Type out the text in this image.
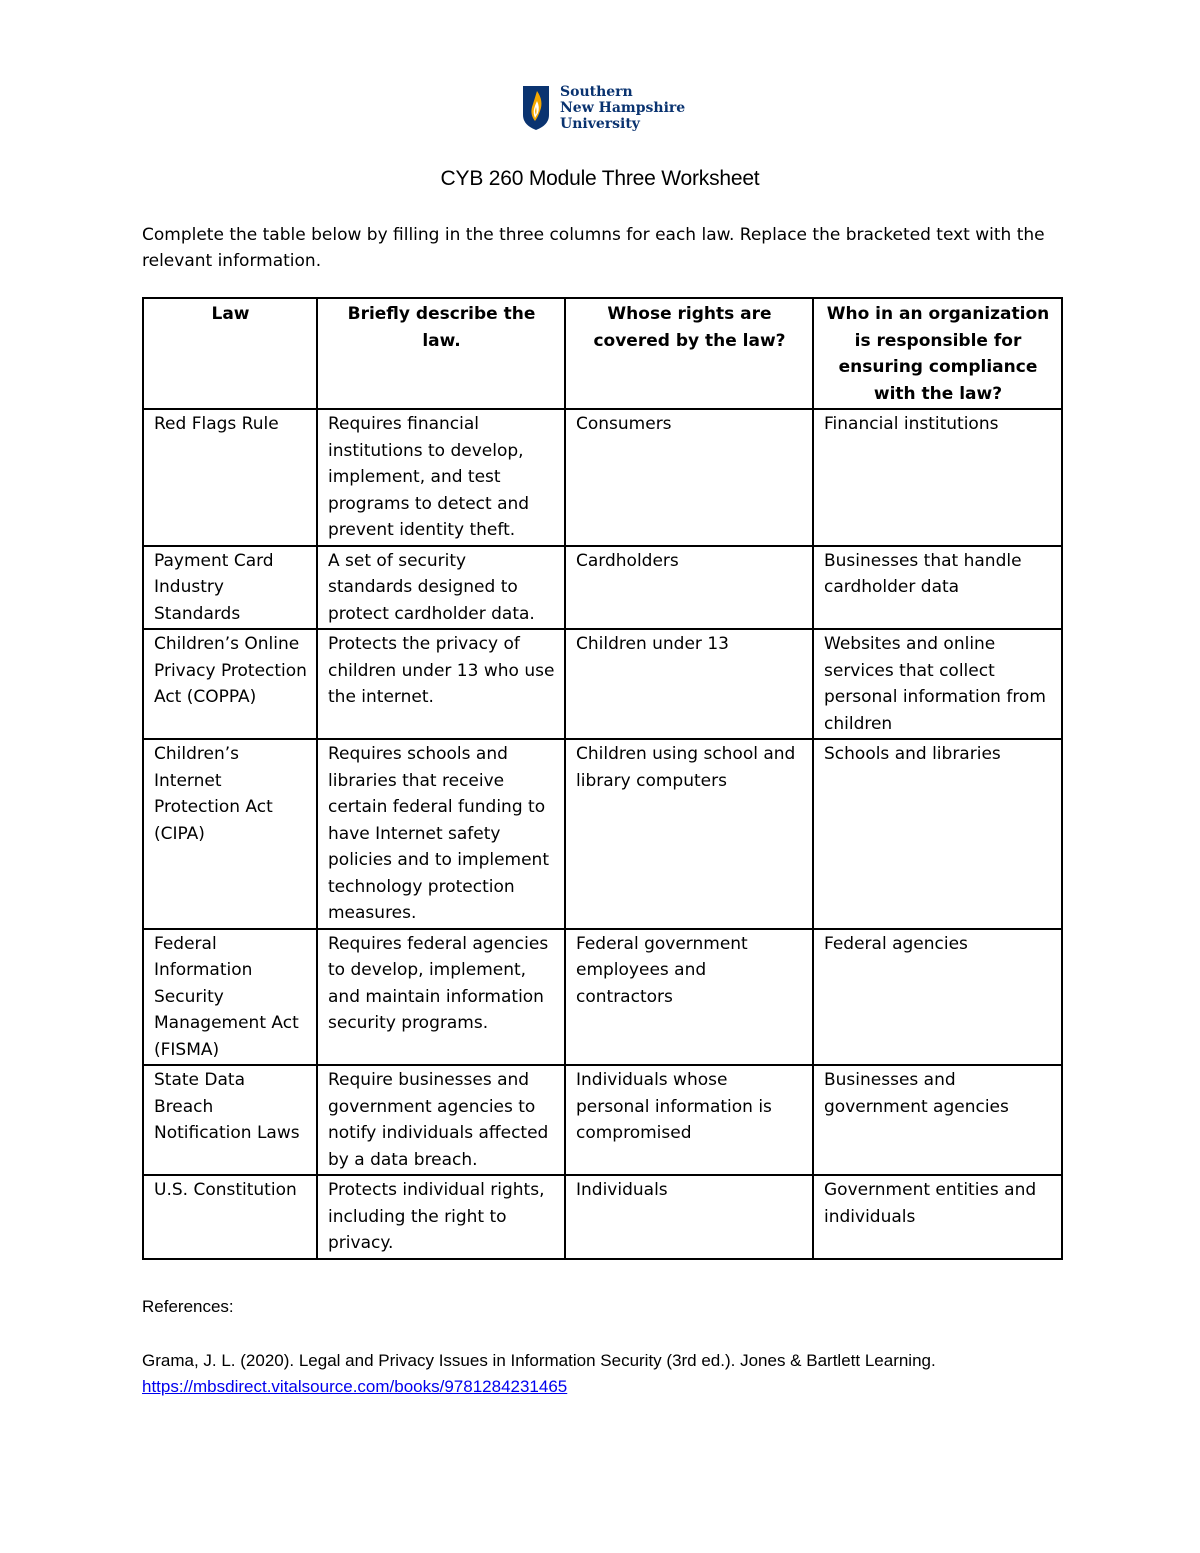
Southern
New Hampshire
University
CYB 260 Module Three Worksheet
Complete the table below by filling in the three columns for each law. Replace the bracketed text with the relevant information.
Law	Briefly describe the law.	Whose rights are covered by the law?	Who in an organization is responsible for ensuring compliance with the law?
Red Flags Rule	Requires financial institutions to develop, implement, and test programs to detect and prevent identity theft.	Consumers	Financial institutions
Payment Card Industry Standards	A set of security standards designed to protect cardholder data.	Cardholders	Businesses that handle cardholder data
Children’s Online Privacy Protection Act (COPPA)	Protects the privacy of children under 13 who use the internet.	Children under 13	Websites and online services that collect personal information from children
Children’s Internet Protection Act (CIPA)	Requires schools and libraries that receive certain federal funding to have Internet safety policies and to implement technology protection measures.	Children using school and library computers	Schools and libraries
Federal Information Security Management Act (FISMA)	Requires federal agencies to develop, implement, and maintain information security programs.	Federal government employees and contractors	Federal agencies
State Data Breach Notification Laws	Require businesses and government agencies to notify individuals affected by a data breach.	Individuals whose personal information is compromised	Businesses and government agencies
U.S. Constitution	Protects individual rights, including the right to privacy.	Individuals	Government entities and individuals
References:
Grama, J. L. (2020). Legal and Privacy Issues in Information Security (3rd ed.). Jones & Bartlett Learning.
https://mbsdirect.vitalsource.com/books/9781284231465
